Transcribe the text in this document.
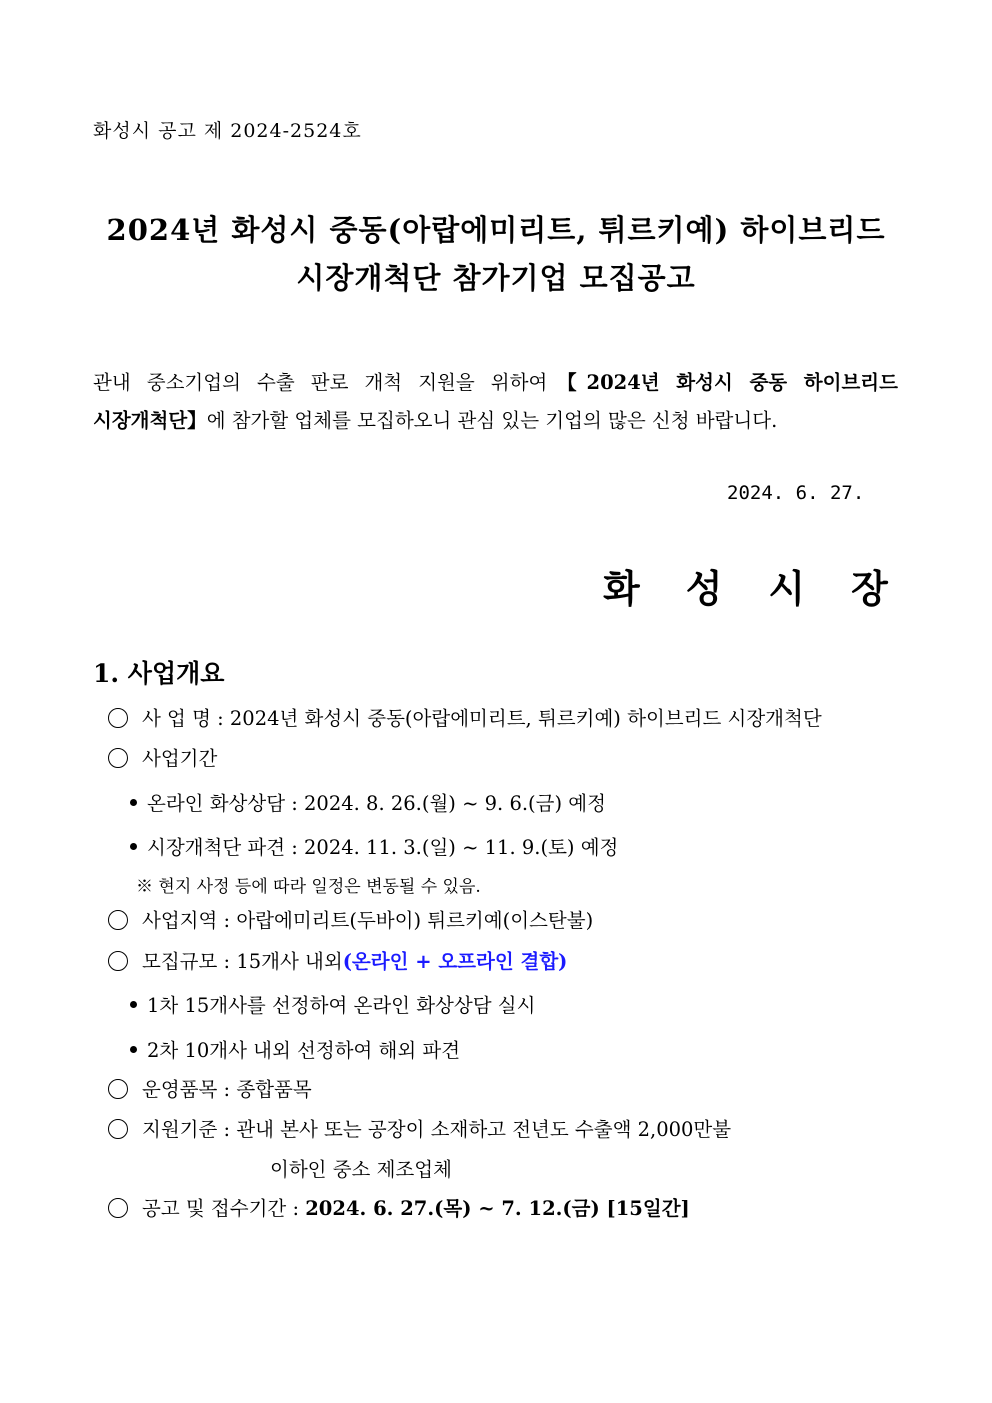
화성시 공고 제 2024-2524호
2024년 화성시 중동(아랍에미리트, 튀르키예) 하이브리드
시장개척단 참가기업 모집공고
관내 중소기업의 수출 판로 개척 지원을 위하여【2024년 화성시 중동 하이브리드
시장개척단】에 참가할 업체를 모집하오니 관심 있는 기업의 많은 신청 바랍니다.
2024. 6. 27.
화성시장
1. 사업개요
사 업 명 : 2024년 화성시 중동(아랍에미리트, 튀르키예) 하이브리드 시장개척단
사업기간
온라인 화상상담 : 2024. 8. 26.(월) ~ 9. 6.(금) 예정
시장개척단 파견 : 2024. 11. 3.(일) ~ 11. 9.(토) 예정
※ 현지 사정 등에 따라 일정은 변동될 수 있음.
사업지역 : 아랍에미리트(두바이) 튀르키예(이스탄불)
모집규모 : 15개사 내외(온라인 + 오프라인 결합)
1차 15개사를 선정하여 온라인 화상상담 실시
2차 10개사 내외 선정하여 해외 파견
운영품목 : 종합품목
지원기준 : 관내 본사 또는 공장이 소재하고 전년도 수출액 2,000만불
이하인 중소 제조업체
공고 및 접수기간 : 2024. 6. 27.(목) ~ 7. 12.(금) [15일간]
